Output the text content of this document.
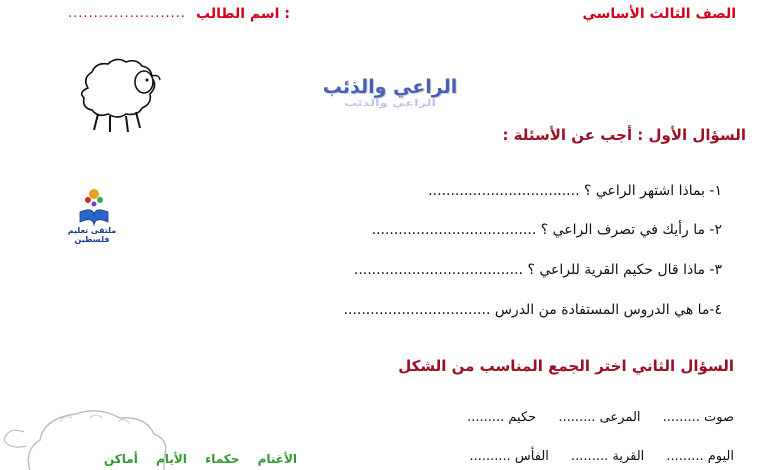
الصف الثالث الأساسي
اسم الطالب :
.......................
الراعي والذئب
الراعي والذئب
ملتقى تعليم فلسطين
السؤال الأول : أجب عن الأسئلة :
١- بماذا اشتهر الراعي ؟ ..................................
٢- ما رأيك في تصرف الراعي ؟ .....................................
٣- ماذا قال حكيم القرية للراعي ؟ ......................................
٤-ما هي الدروس المستفادة من الدرس .................................
السؤال الثاني اختر الجمع المناسب من الشكل
صوت ......... المرعى ......... حكيم .........
اليوم ......... القرية ......... الفأس ..........
الأغنام حكماء الأيام أماكن
